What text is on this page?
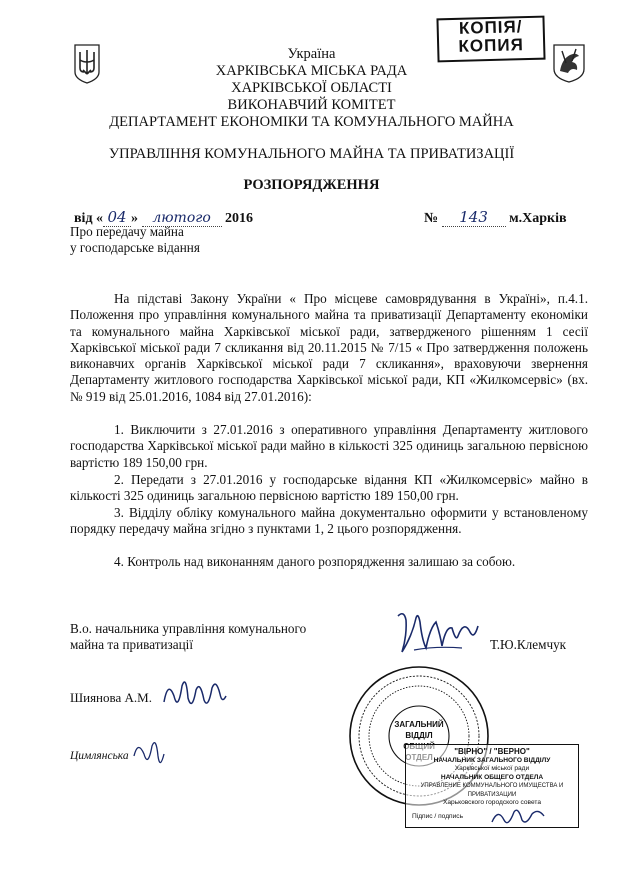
КОПІЯ/
КОПИЯ
Україна
ХАРКІВСЬКА МІСЬКА РАДА
ХАРКІВСЬКОЇ ОБЛАСТІ
ВИКОНАВЧИЙ КОМІТЕТ
ДЕПАРТАМЕНТ ЕКОНОМІКИ ТА КОМУНАЛЬНОГО МАЙНА
УПРАВЛІННЯ КОМУНАЛЬНОГО МАЙНА ТА ПРИВАТИЗАЦІЇ
РОЗПОРЯДЖЕННЯ
від « 04 » лютого 2016	№ 143 м.Харків
Про передачу майна
у господарське відання
На підставі Закону України « Про місцеве самоврядування в Україні», п.4.1. Положення про управління комунального майна та приватизації Департаменту економіки та комунального майна Харківської міської ради, затвердженого рішенням 1 сесії Харківської міської ради 7 скликання від 20.11.2015 № 7/15 « Про затвердження положень виконавчих органів Харківської міської ради 7 скликання», враховуючи звернення Департаменту житлового господарства Харківської міської ради, КП «Жилкомсервіс» (вх. № 919 від 25.01.2016, 1084 від 27.01.2016):
1. Виключити з 27.01.2016 з оперативного управління Департаменту житлового господарства Харківської міської ради майно в кількості 325 одиниць загальною первісною вартістю 189 150,00 грн.
2. Передати з 27.01.2016 у господарське відання КП «Жилкомсервіс» майно в кількості 325 одиниць загальною первісною вартістю 189 150,00 грн.
3. Відділу обліку комунального майна документально оформити у встановленому порядку передачу майна згідно з пунктами 1, 2 цього розпорядження.
4. Контроль над виконанням даного розпорядження залишаю за собою.
В.о. начальника управління комунального
майна та приватизації	Т.Ю.Клемчук
Шиянова А.М.
Цимлянська
ЗАГАЛЬНИЙ
ВІДДІЛ
"ВІРНО" / "ВЕРНО"
НАЧАЛЬНИК ЗАГАЛЬНОГО ВІДДІЛУ
Харківської міської ради
НАЧАЛЬНИК ОБЩЕГО ОТДЕЛА
УПРАВЛЕНИЕ КОММУНАЛЬНОГО ИМУЩЕСТВА И ПРИВАТИЗАЦИИ
Харьковского городского совета
Підпис / подпись
